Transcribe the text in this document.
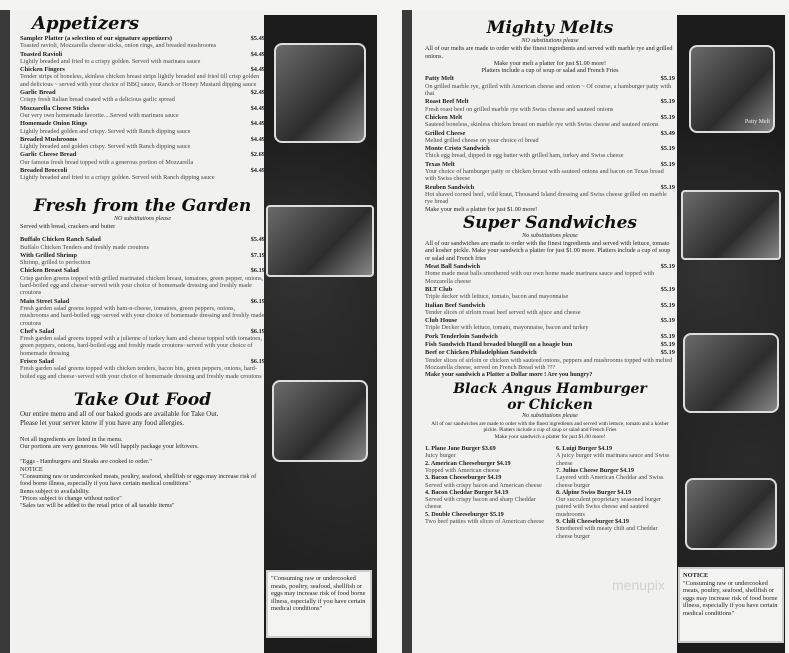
"Consuming raw or undercooked meats, poultry, seafood, shellfish or eggs may increase risk of food borne illness, especially if you have certain medical conditions"
Patty Melt
NOTICE
"Consuming raw or undercooked meats, poultry, seafood, shellfish or eggs may increase risk of food borne illness, especially if you have certain medical conditions"
Appetizers
Sampler Platter (a selection of our signature appetizers)	$5.49
Toasted ravioli, Mozzarella cheese sticks, onion rings, and breaded mushrooms
Toasted Ravioli	$4.49
Lightly breaded and fried to a crispy golden. Served with marinara sauce
Chicken Fingers	$4.49
Tender strips of boneless, skinless chicken breast strips lightly breaded and fried till crisp golden and delicious ~ served with your choice of BBQ sauce, Ranch or Honey Mustard dipping sauce
Garlic Bread	$2.49
Crispy fresh Italian bread coated with a delicious garlic spread
Mozzarella Cheese Sticks	$4.49
Our very own homemade favorite....Served with marinara sauce
Homemade Onion Rings	$4.49
Lightly breaded golden and crispy. Served with Ranch dipping sauce
Breaded Mushrooms	$4.49
Lightly breaded and golden crispy. Served with Ranch dipping sauce
Garlic Cheese Bread	$2.69
Our famous fresh bread topped with a generous portion of Mozzarella
Breaded Broccoli	$4.49
Lightly breaded and fried to a crispy golden. Served with Ranch dipping sauce
Fresh from the Garden
NO substitutions please
Served with bread, crackers and butter
Buffalo Chicken Ranch Salad	$5.49
Buffalo Chicken Tenders and freshly made croutons
With Grilled Shrimp	$7.19
Shrimp, grilled to perfection
Chicken Breast Salad	$6.19
Crisp garden greens topped with grilled marinated chicken breast, tomatoes, green pepper, onions, hard-boiled egg and cheese~served with your choice of homemade dressing and freshly made croutons
Main Street Salad	$6.19
Fresh garden salad greens topped with ham-n-cheese, tomatoes, green peppers, onions, mushrooms and hard-boiled egg~served with your choice of homemade dressing and freshly made croutons
Chef's Salad	$6.19
Fresh garden salad greens topped with a julienne of turkey ham and cheese topped with tomatoes, green peppers, onions, hard-boiled egg and freshly made croutons~served with your choice of homemade dressing
Frisco Salad	$6.19
Fresh garden salad greens topped with chicken tenders, bacon bits, green peppers, onions, hard-boiled egg and cheese~served with your choice of homemade dressing and freshly made croutons
Take Out Food
Our entire menu and all of our baked goods are available for Take Out.
Please let your server know if you have any food allergies.
Not all ingredients are listed in the menu.
Our portions are very generous. We will happily package your leftovers.
"Eggs - Hamburgers and Steaks are cooked to order."
NOTICE
"Consuming raw or undercooked meats, poultry, seafood, shellfish or eggs may increase risk of food borne illness, especially if you have certain medical conditions"
Items subject to availability.
"Prices subject to change without notice"
"Sales tax will be added to the retail price of all taxable items"
Mighty Melts
NO substitutions please
All of our melts are made to order with the finest ingredients and served with marble rye and grilled onions.
Make your melt a platter for just $1.00 more!
Platters include a cup of soup or salad and French Fries
Patty Melt	$5.19
On grilled marble rye, grilled with American cheese and onion ~ Of course, a hamburger patty with that
Roast Beef Melt	$5.19
Fresh roast beef on grilled marble rye with Swiss cheese and sauteed onions
Chicken Melt	$5.19
Sauteed boneless, skinless chicken breast on marble rye with Swiss cheese and sauteed onions
Grilled Cheese	$3.49
Melted grilled cheese on your choice of bread
Monte Cristo Sandwich	$5.19
Thick egg bread, dipped in egg batter with grilled ham, turkey and Swiss cheese
Texas Melt	$5.19
Your choice of hamburger patty or chicken breast with sauteed onions and bacon on Texas bread with Swiss cheese
Reuben Sandwich	$5.19
Hot shaved corned beef, wild kraut, Thousand Island dressing and Swiss cheese grilled on marble rye bread
Make your melt a platter for just $1.00 more!
Super Sandwiches
No substitutions please
All of our sandwiches are made to order with the finest ingredients and served with lettuce, tomato and kosher pickle. Make your sandwich a platter for just $1.00 more. Platters include a cup of soup or salad and French fries
Meat Ball Sandwich	$5.19
Home made meat balls smothered with our own home made marinara sauce and topped with Mozzarella cheese
BLT Club	$5.19
Triple decker with lettuce, tomato, bacon and mayonnaise
Italian Beef Sandwich	$5.19
Tender slices of sirloin roast beef served with ajuce and cheese
Club House	$5.19
Triple Decker with lettuce, tomato, mayonnaise, bacon and turkey
Pork Tenderloin Sandwich	$5.19
Fish Sandwich Hand breaded bluegill on a hoagie bun	$5.19
Beef or Chicken Philadelphian Sandwich	$5.19
Tender slices of sirloin or chicken with sauteed onions, peppers and mushrooms topped with melted Mozzarella cheese, served on French Bread with ???
Make your sandwich a Platter a Dollar more ! Are you hungry?
Black Angus Hamburger
or Chicken
No substitutions please
All of our sandwiches are made to order with the finest ingredients and served with lettuce, tomato and a kosher pickle. Platters include a cup of soup or salad and French Fries
Make your sandwich a platter for just $1.00 more!
1. Plane Jane Burger $3.69
Juicy burger
2. American Cheeseburger $4.19
Topped with American cheese
3. Bacon Cheeseburger $4.19
Served with crispy bacon and American cheese
4. Bacon Cheddar Burger $4.19
Served with crispy bacon and sharp Cheddar cheese
5. Double Cheeseburger $5.19
Two beef patties with slices of American cheese
6. Luigi Burger $4.19
A juicy burger with marinara sauce and Swiss cheese
7. Julius Cheese Burger $4.19
Layered with American Cheddar and Swiss cheese burger
8. Alpine Swiss Burger $4.19
Our succulent proprietary seasoned burger paired with Swiss cheese and sauteed mushrooms
9. Chili Cheeseburger $4.19
Smothered with meaty chili and Cheddar cheese burger
menupix
